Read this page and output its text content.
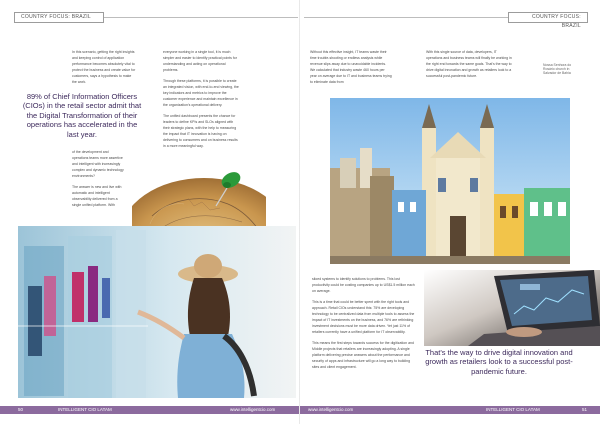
COUNTRY FOCUS: BRAZIL

In this scenario, getting the right insights and keeping control of application performance becomes absolutely vital to protect the business and create value for customers, says a hypothesis to make the work.

everyone working in a single tool, it is much simpler and easier to identify practical points for understanding and acting on operational problems.

Through these platforms, it is possible to create an integrated vision, with end-to-end viewing, the key indicators and metrics to improve the customer experience and maintain excellence in the organization's operational delivery.

The unified dashboard presents the chance for leaders to define KPIs and SLOs aligned with their strategic plans, with the help to measuring the impact that IT innovation is having on delivering to consumers and on business results in a more meaningful way.

89% of Chief Information Officers (CIOs) in the retail sector admit that the Digital Transformation of their operations has accelerated in the last year.

of the development and operations teams more assertive and intelligent with increasingly complex and dynamic technology environments?

The answer is new and live with automatic and intelligent observability delivered from a single unified platform. With

50	INTELLIGENT CIO LATAM	www.intelligentcio.com
COUNTRY FOCUS: BRAZIL

Without this effective insight, IT teams waste their time trouble-shooting or endless analysis while revenue slips away due to unavoidable incidents. We calculated that industry waste 460 hours per year on average due to IT and business teams trying to eliminate data from

With this single source of data, developers, IT operations and business teams will finally be working in the right end towards the same goals. That's the way to drive digital innovation and growth as retailers look to a successful post-pandemic future.

Nossa Senhora do Rosário church in Salvador de Bahia

siloed systems to identify solutions to problems. This lost productivity could be costing companies up to US$1.5 million each on average.

This is a time that could be better spent with the right tools and approach. Retail CIOs understand this: 75% are developing technology to be centralized data from multiple tools to assess the impact of IT investments on the business, and 76% are rethinking investment decisions must be more data driven. Yet just 11% of retailers currently have a unified platform for IT observability.

This means the first steps towards success for the digitization and Middle projects that retailers are increasingly adopting. A single platform delivering precise answers about the performance and security of apps and infrastructure will go a long way to building sites and client engagement.

That's the way to drive digital innovation and growth as retailers look to a successful post-pandemic future.
www.intelligentcio.com	INTELLIGENT CIO LATAM	51
